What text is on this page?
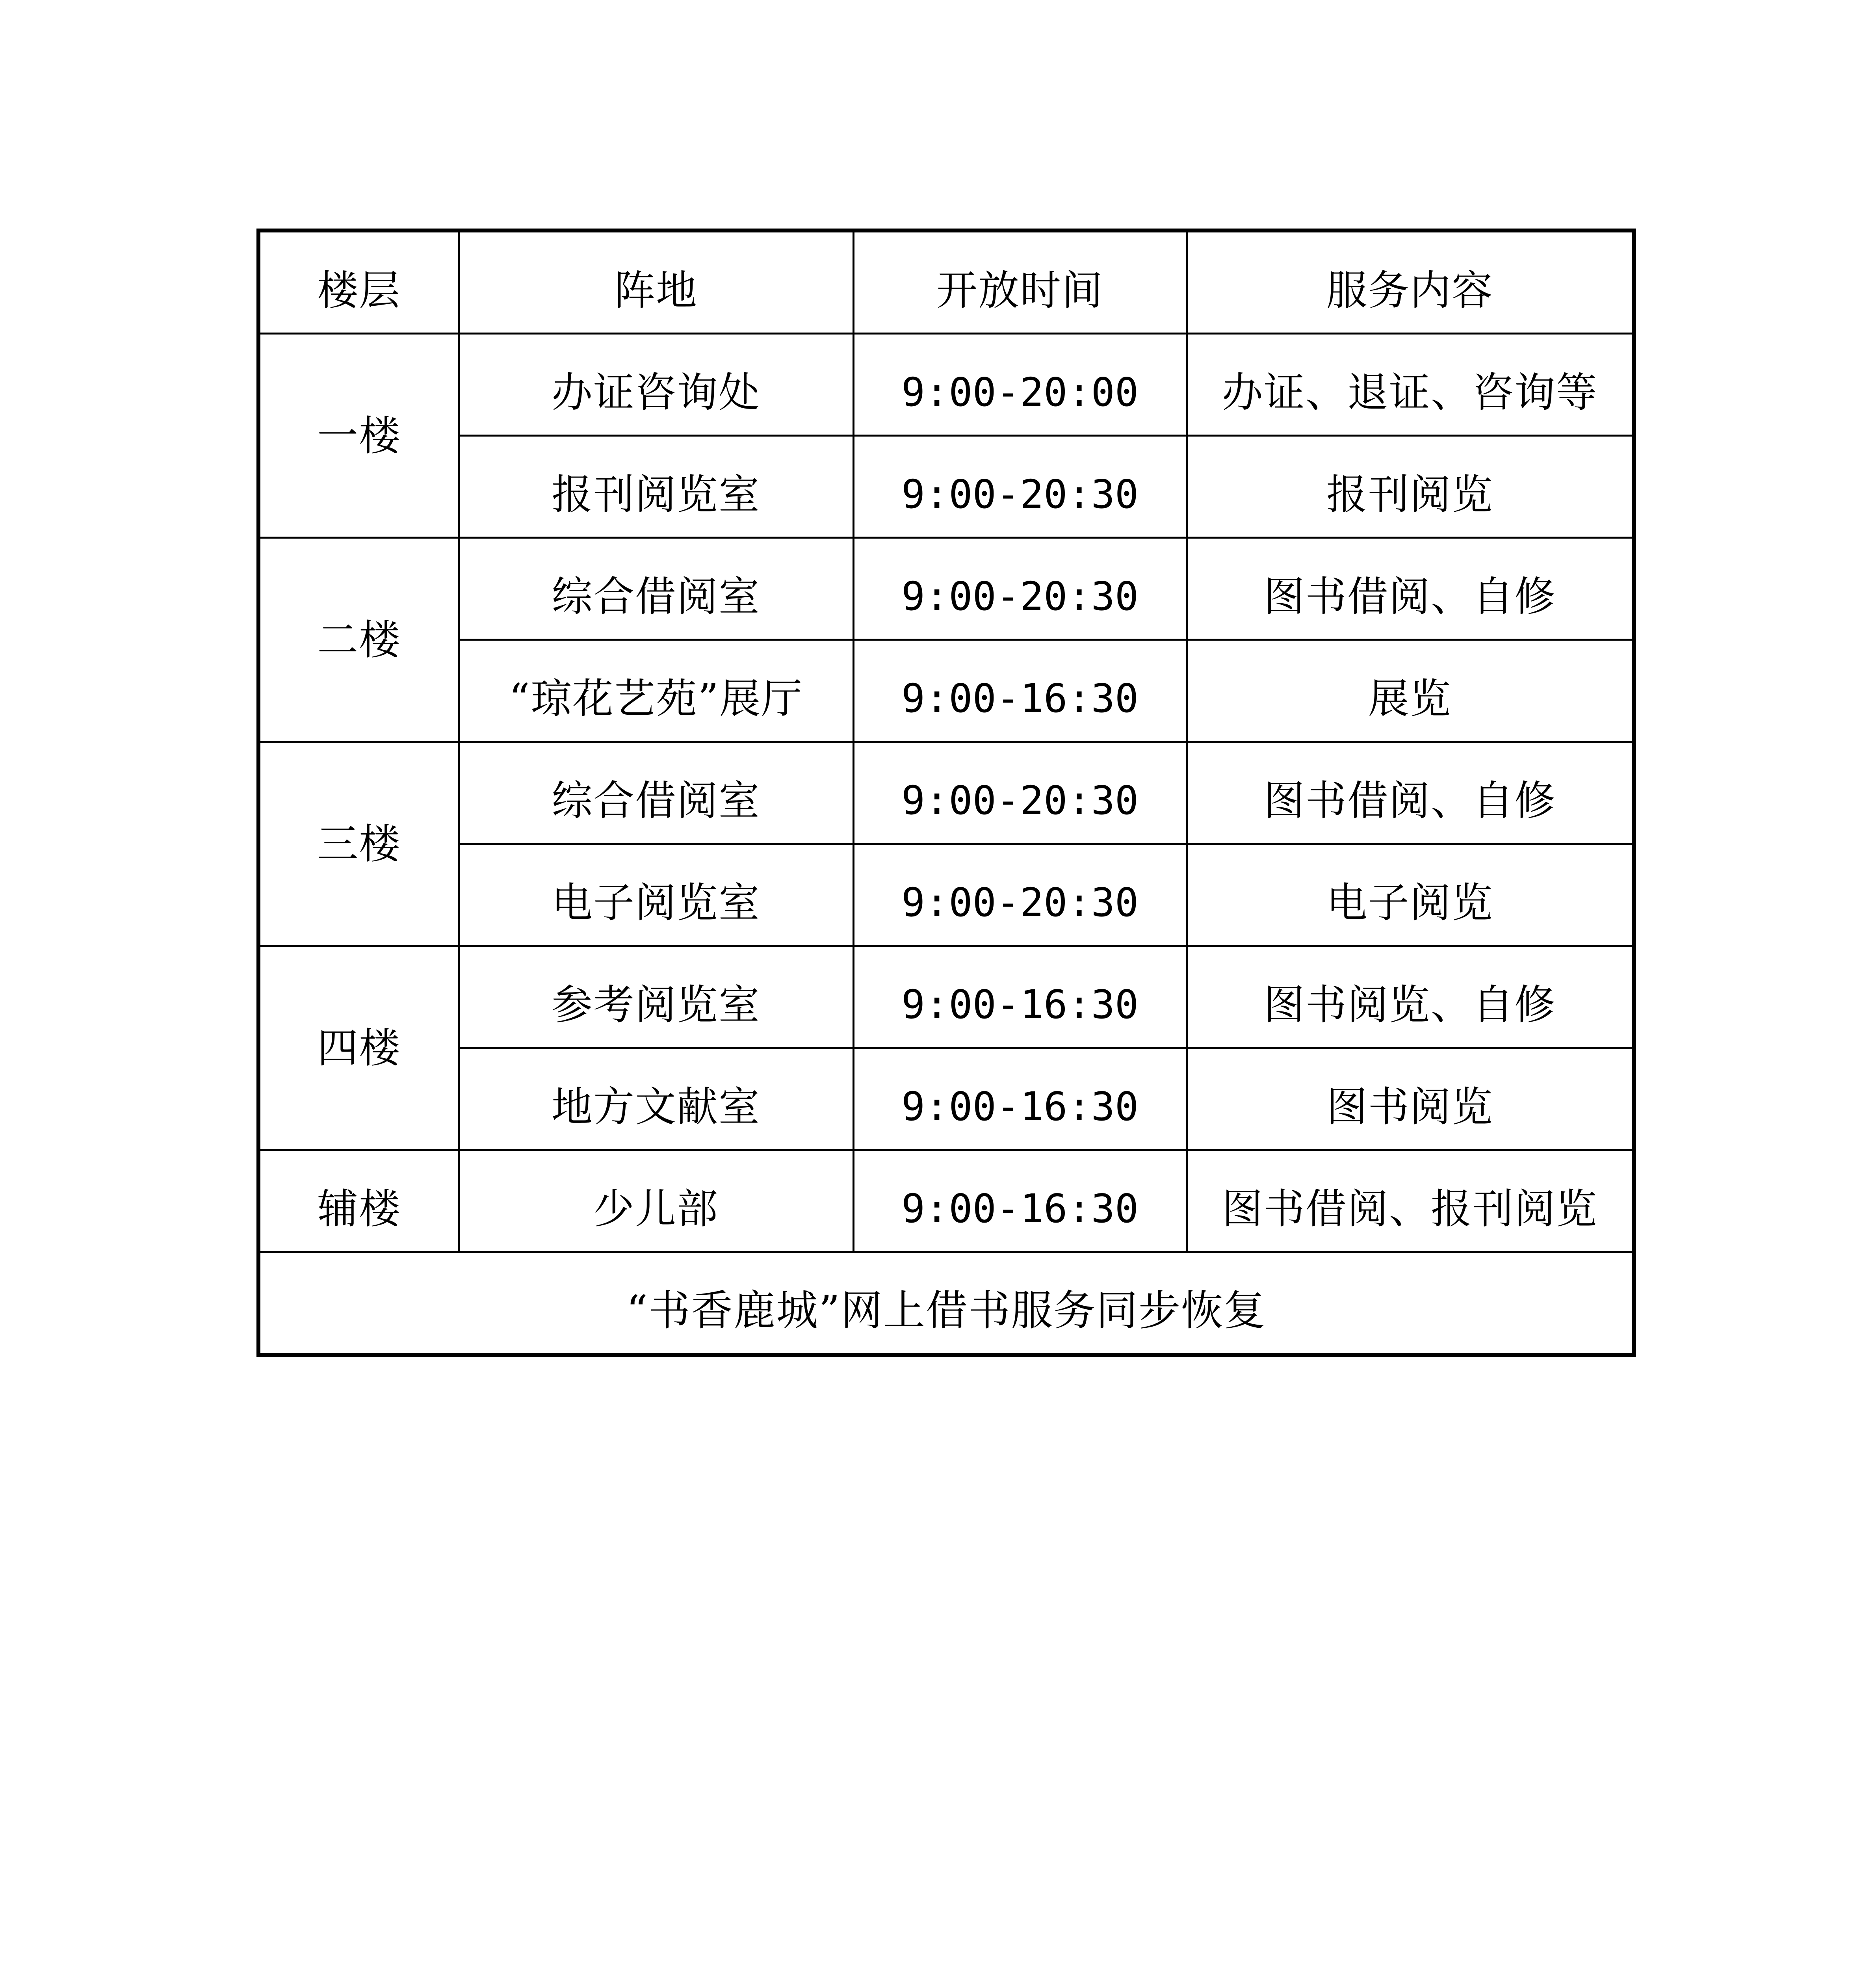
楼层	阵地	开放时间	服务内容
一楼	办证咨询处	9:00-20:00	办证、退证、咨询等
	报刊阅览室	9:00-20:30	报刊阅览
二楼	综合借阅室	9:00-20:30	图书借阅、自修
	“琼花艺苑”展厅	9:00-16:30	展览
三楼	综合借阅室	9:00-20:30	图书借阅、自修
	电子阅览室	9:00-20:30	电子阅览
四楼	参考阅览室	9:00-16:30	图书阅览、自修
	地方文献室	9:00-16:30	图书阅览
辅楼	少儿部	9:00-16:30	图书借阅、报刊阅览
“书香鹿城”网上借书服务同步恢复			
